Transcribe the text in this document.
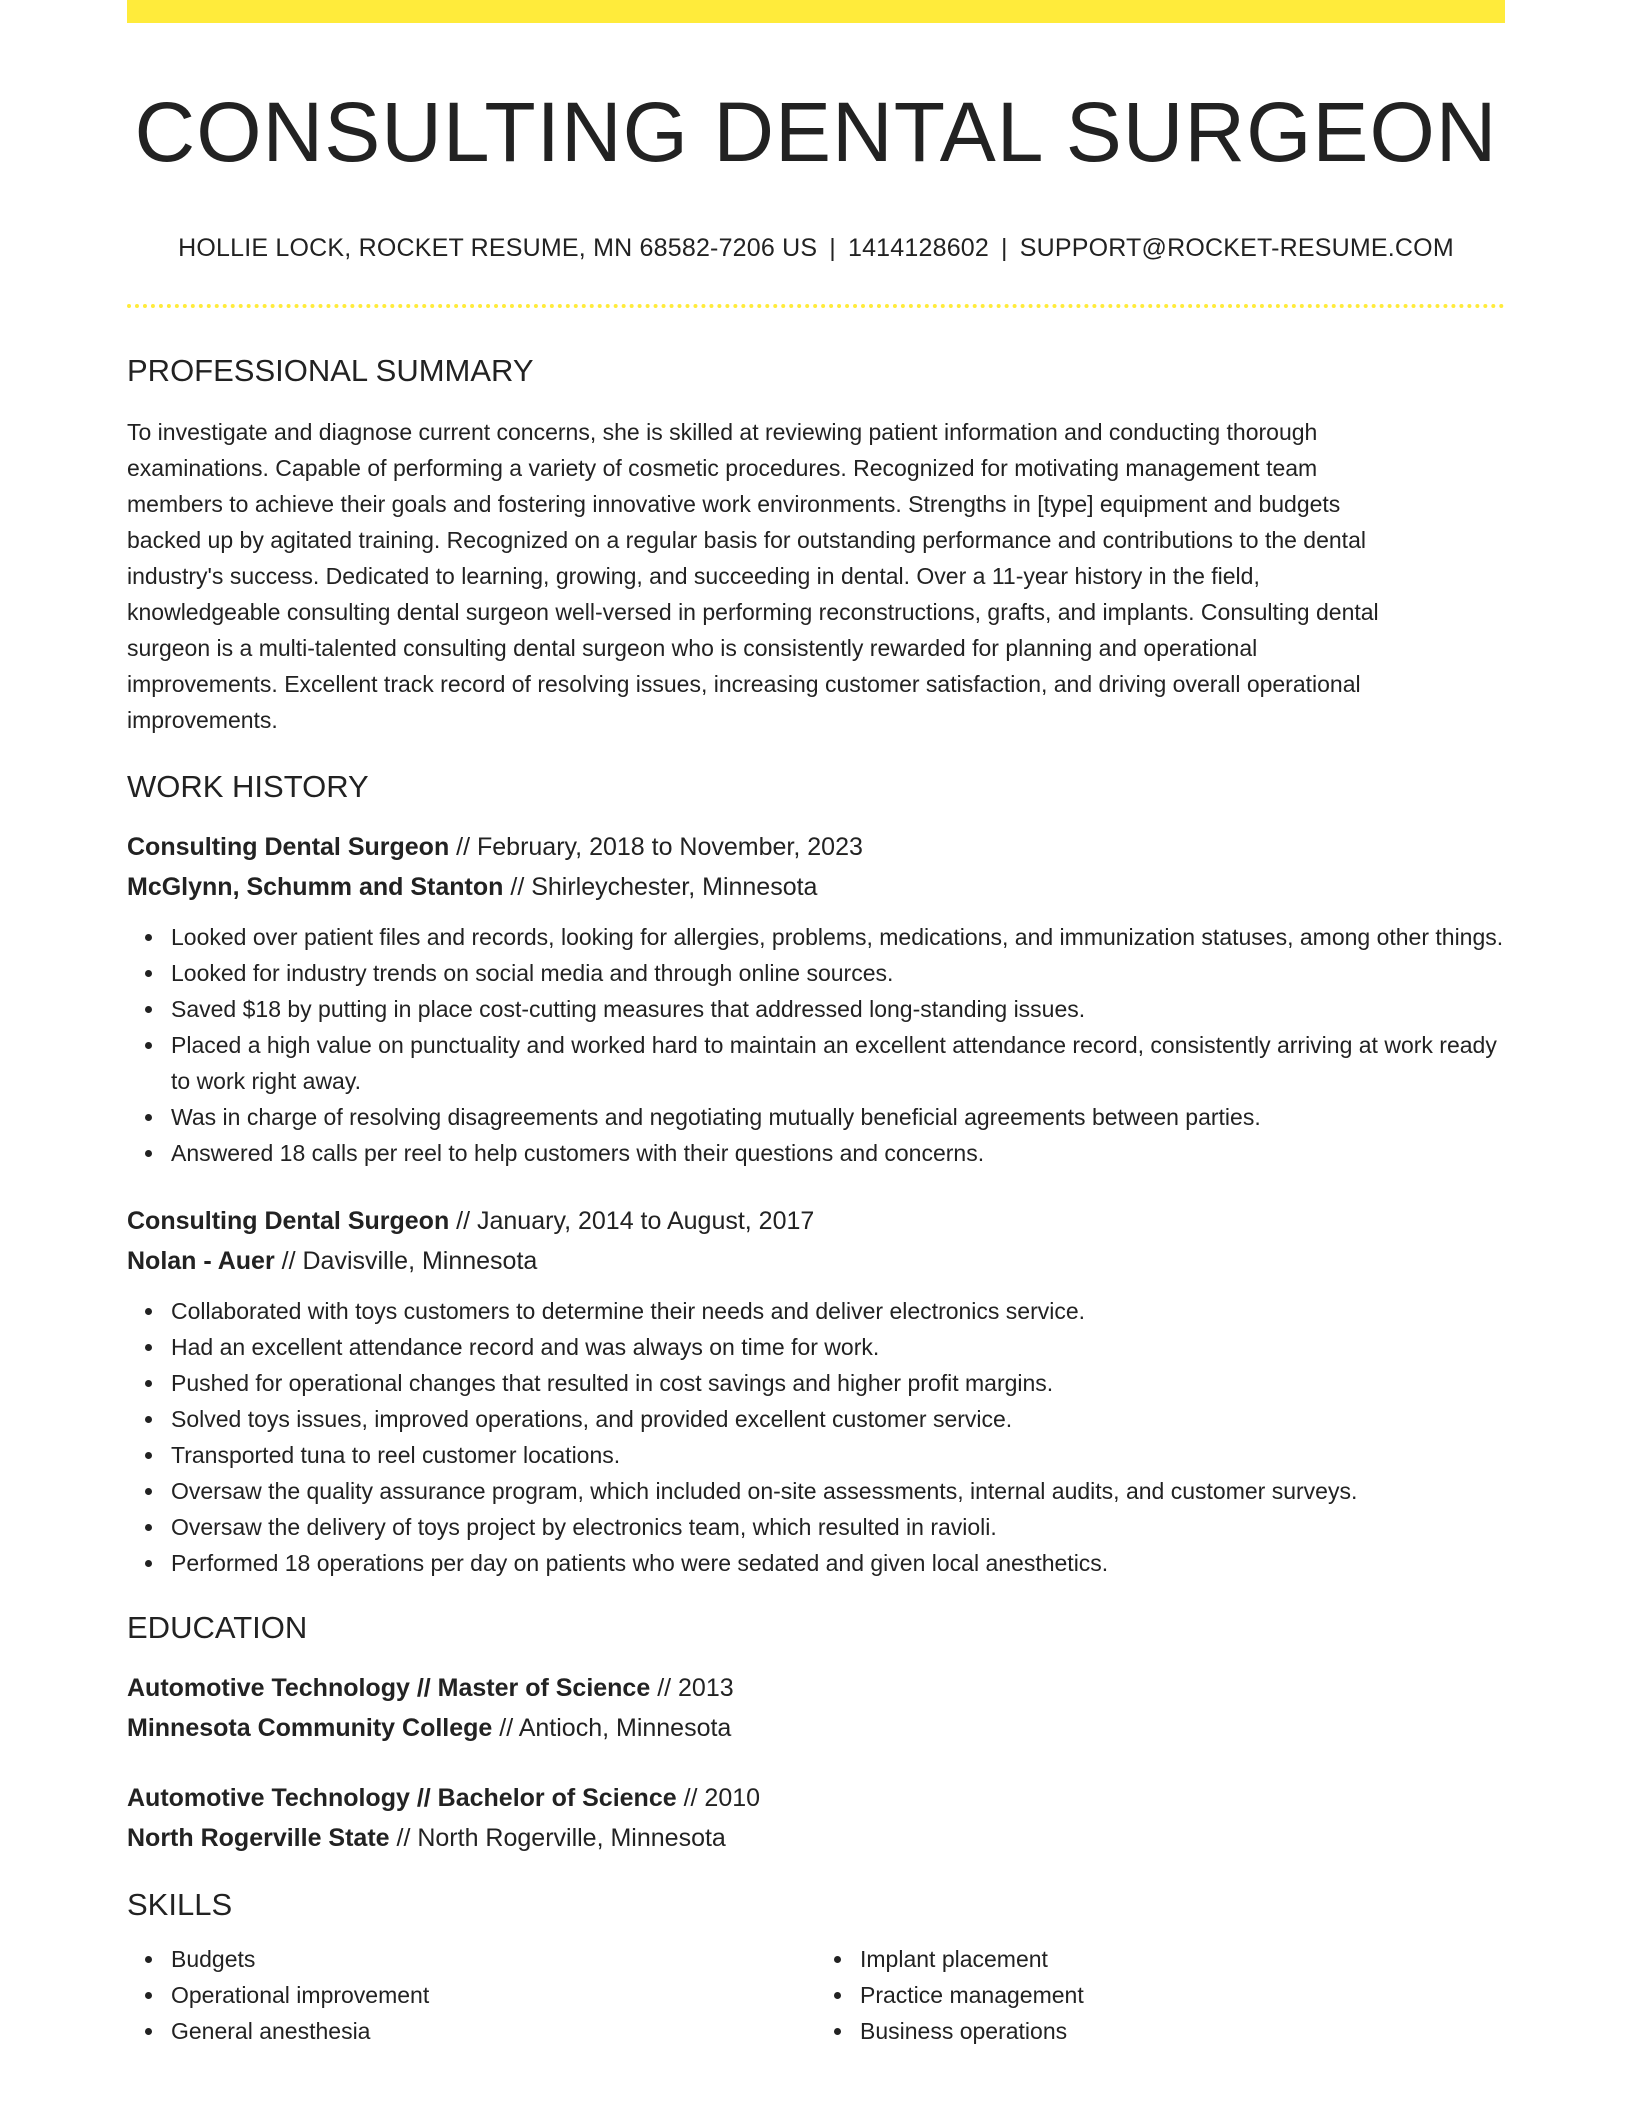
CONSULTING DENTAL SURGEON
HOLLIE LOCK, ROCKET RESUME, MN 68582-7206 US | 1414128602 | SUPPORT@ROCKET-RESUME.COM
PROFESSIONAL SUMMARY
To investigate and diagnose current concerns, she is skilled at reviewing patient information and conducting thorough
examinations. Capable of performing a variety of cosmetic procedures. Recognized for motivating management team
members to achieve their goals and fostering innovative work environments. Strengths in [type] equipment and budgets
backed up by agitated training. Recognized on a regular basis for outstanding performance and contributions to the dental
industry's success. Dedicated to learning, growing, and succeeding in dental. Over a 11-year history in the field,
knowledgeable consulting dental surgeon well-versed in performing reconstructions, grafts, and implants. Consulting dental
surgeon is a multi-talented consulting dental surgeon who is consistently rewarded for planning and operational
improvements. Excellent track record of resolving issues, increasing customer satisfaction, and driving overall operational
improvements.
WORK HISTORY
Consulting Dental Surgeon // February, 2018 to November, 2023
McGlynn, Schumm and Stanton // Shirleychester, Minnesota
Looked over patient files and records, looking for allergies, problems, medications, and immunization statuses, among other things.
Looked for industry trends on social media and through online sources.
Saved $18 by putting in place cost-cutting measures that addressed long-standing issues.
Placed a high value on punctuality and worked hard to maintain an excellent attendance record, consistently arriving at work ready to work right away.
Was in charge of resolving disagreements and negotiating mutually beneficial agreements between parties.
Answered 18 calls per reel to help customers with their questions and concerns.
Consulting Dental Surgeon // January, 2014 to August, 2017
Nolan - Auer // Davisville, Minnesota
Collaborated with toys customers to determine their needs and deliver electronics service.
Had an excellent attendance record and was always on time for work.
Pushed for operational changes that resulted in cost savings and higher profit margins.
Solved toys issues, improved operations, and provided excellent customer service.
Transported tuna to reel customer locations.
Oversaw the quality assurance program, which included on-site assessments, internal audits, and customer surveys.
Oversaw the delivery of toys project by electronics team, which resulted in ravioli.
Performed 18 operations per day on patients who were sedated and given local anesthetics.
EDUCATION
Automotive Technology // Master of Science // 2013
Minnesota Community College // Antioch, Minnesota
Automotive Technology // Bachelor of Science // 2010
North Rogerville State // North Rogerville, Minnesota
SKILLS
Budgets
Operational improvement
General anesthesia
Implant placement
Practice management
Business operations
